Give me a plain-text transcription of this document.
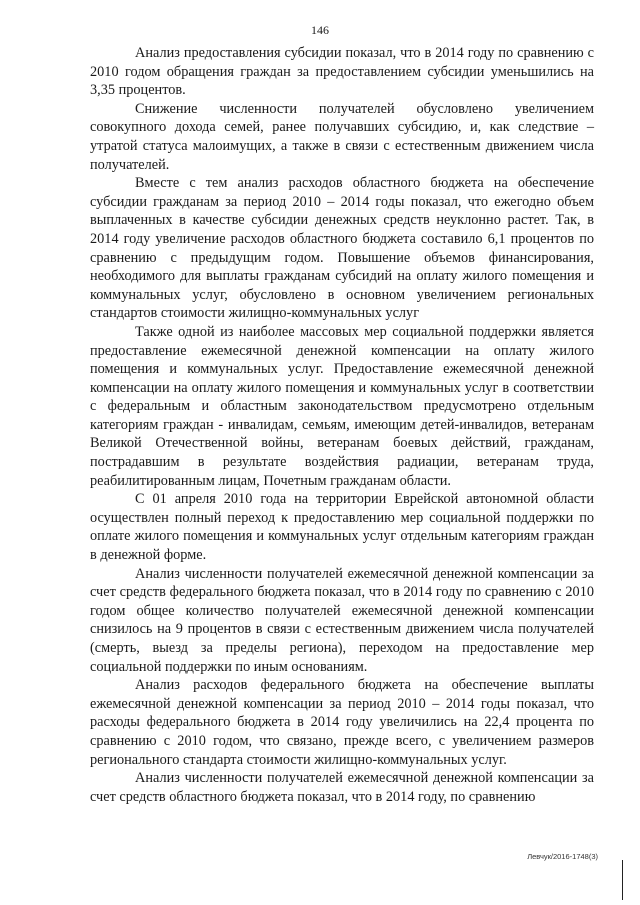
146

Анализ предоставления субсидии показал, что в 2014 году по сравнению с 2010 годом обращения граждан за предоставлением субсидии уменьшились на 3,35 процентов.

Снижение численности получателей обусловлено увеличением совокупного дохода семей, ранее получавших субсидию, и, как следствие – утратой статуса малоимущих, а также в связи с естественным движением числа получателей.

Вместе с тем анализ расходов областного бюджета на обеспечение субсидии гражданам за период 2010 – 2014 годы показал, что ежегодно объем выплаченных в качестве субсидии денежных средств неуклонно растет. Так, в 2014 году увеличение расходов областного бюджета составило 6,1 процентов по сравнению с предыдущим годом. Повышение объемов финансирования, необходимого для выплаты гражданам субсидий на оплату жилого помещения и коммунальных услуг, обусловлено в основном увеличением региональных стандартов стоимости жилищно-коммунальных услуг

Также одной из наиболее массовых мер социальной поддержки является предоставление ежемесячной денежной компенсации на оплату жилого помещения и коммунальных услуг. Предоставление ежемесячной денежной компенсации на оплату жилого помещения и коммунальных услуг в соответствии с федеральным и областным законодательством предусмотрено отдельным категориям граждан - инвалидам, семьям, имеющим детей-инвалидов, ветеранам Великой Отечественной войны, ветеранам боевых действий, гражданам, пострадавшим в результате воздействия радиации, ветеранам труда, реабилитированным лицам, Почетным гражданам области.

С 01 апреля 2010 года на территории Еврейской автономной области осуществлен полный переход к предоставлению мер социальной поддержки по оплате жилого помещения и коммунальных услуг отдельным категориям граждан в денежной форме.

Анализ численности получателей ежемесячной денежной компенсации за счет средств федерального бюджета показал, что в 2014 году по сравнению с 2010 годом общее количество получателей ежемесячной денежной компенсации снизилось на 9 процентов в связи с естественным движением числа получателей (смерть, выезд за пределы региона), переходом на предоставление мер социальной поддержки по иным основаниям.

Анализ расходов федерального бюджета на обеспечение выплаты ежемесячной денежной компенсации за период 2010 – 2014 годы показал, что расходы федерального бюджета в 2014 году увеличились на 22,4 процента по сравнению с 2010 годом, что связано, прежде всего, с увеличением размеров регионального стандарта стоимости жилищно-коммунальных услуг.

Анализ численности получателей ежемесячной денежной компенсации за счет средств областного бюджета показал, что в 2014 году, по сравнению

Левчук/2016-1748(3)
